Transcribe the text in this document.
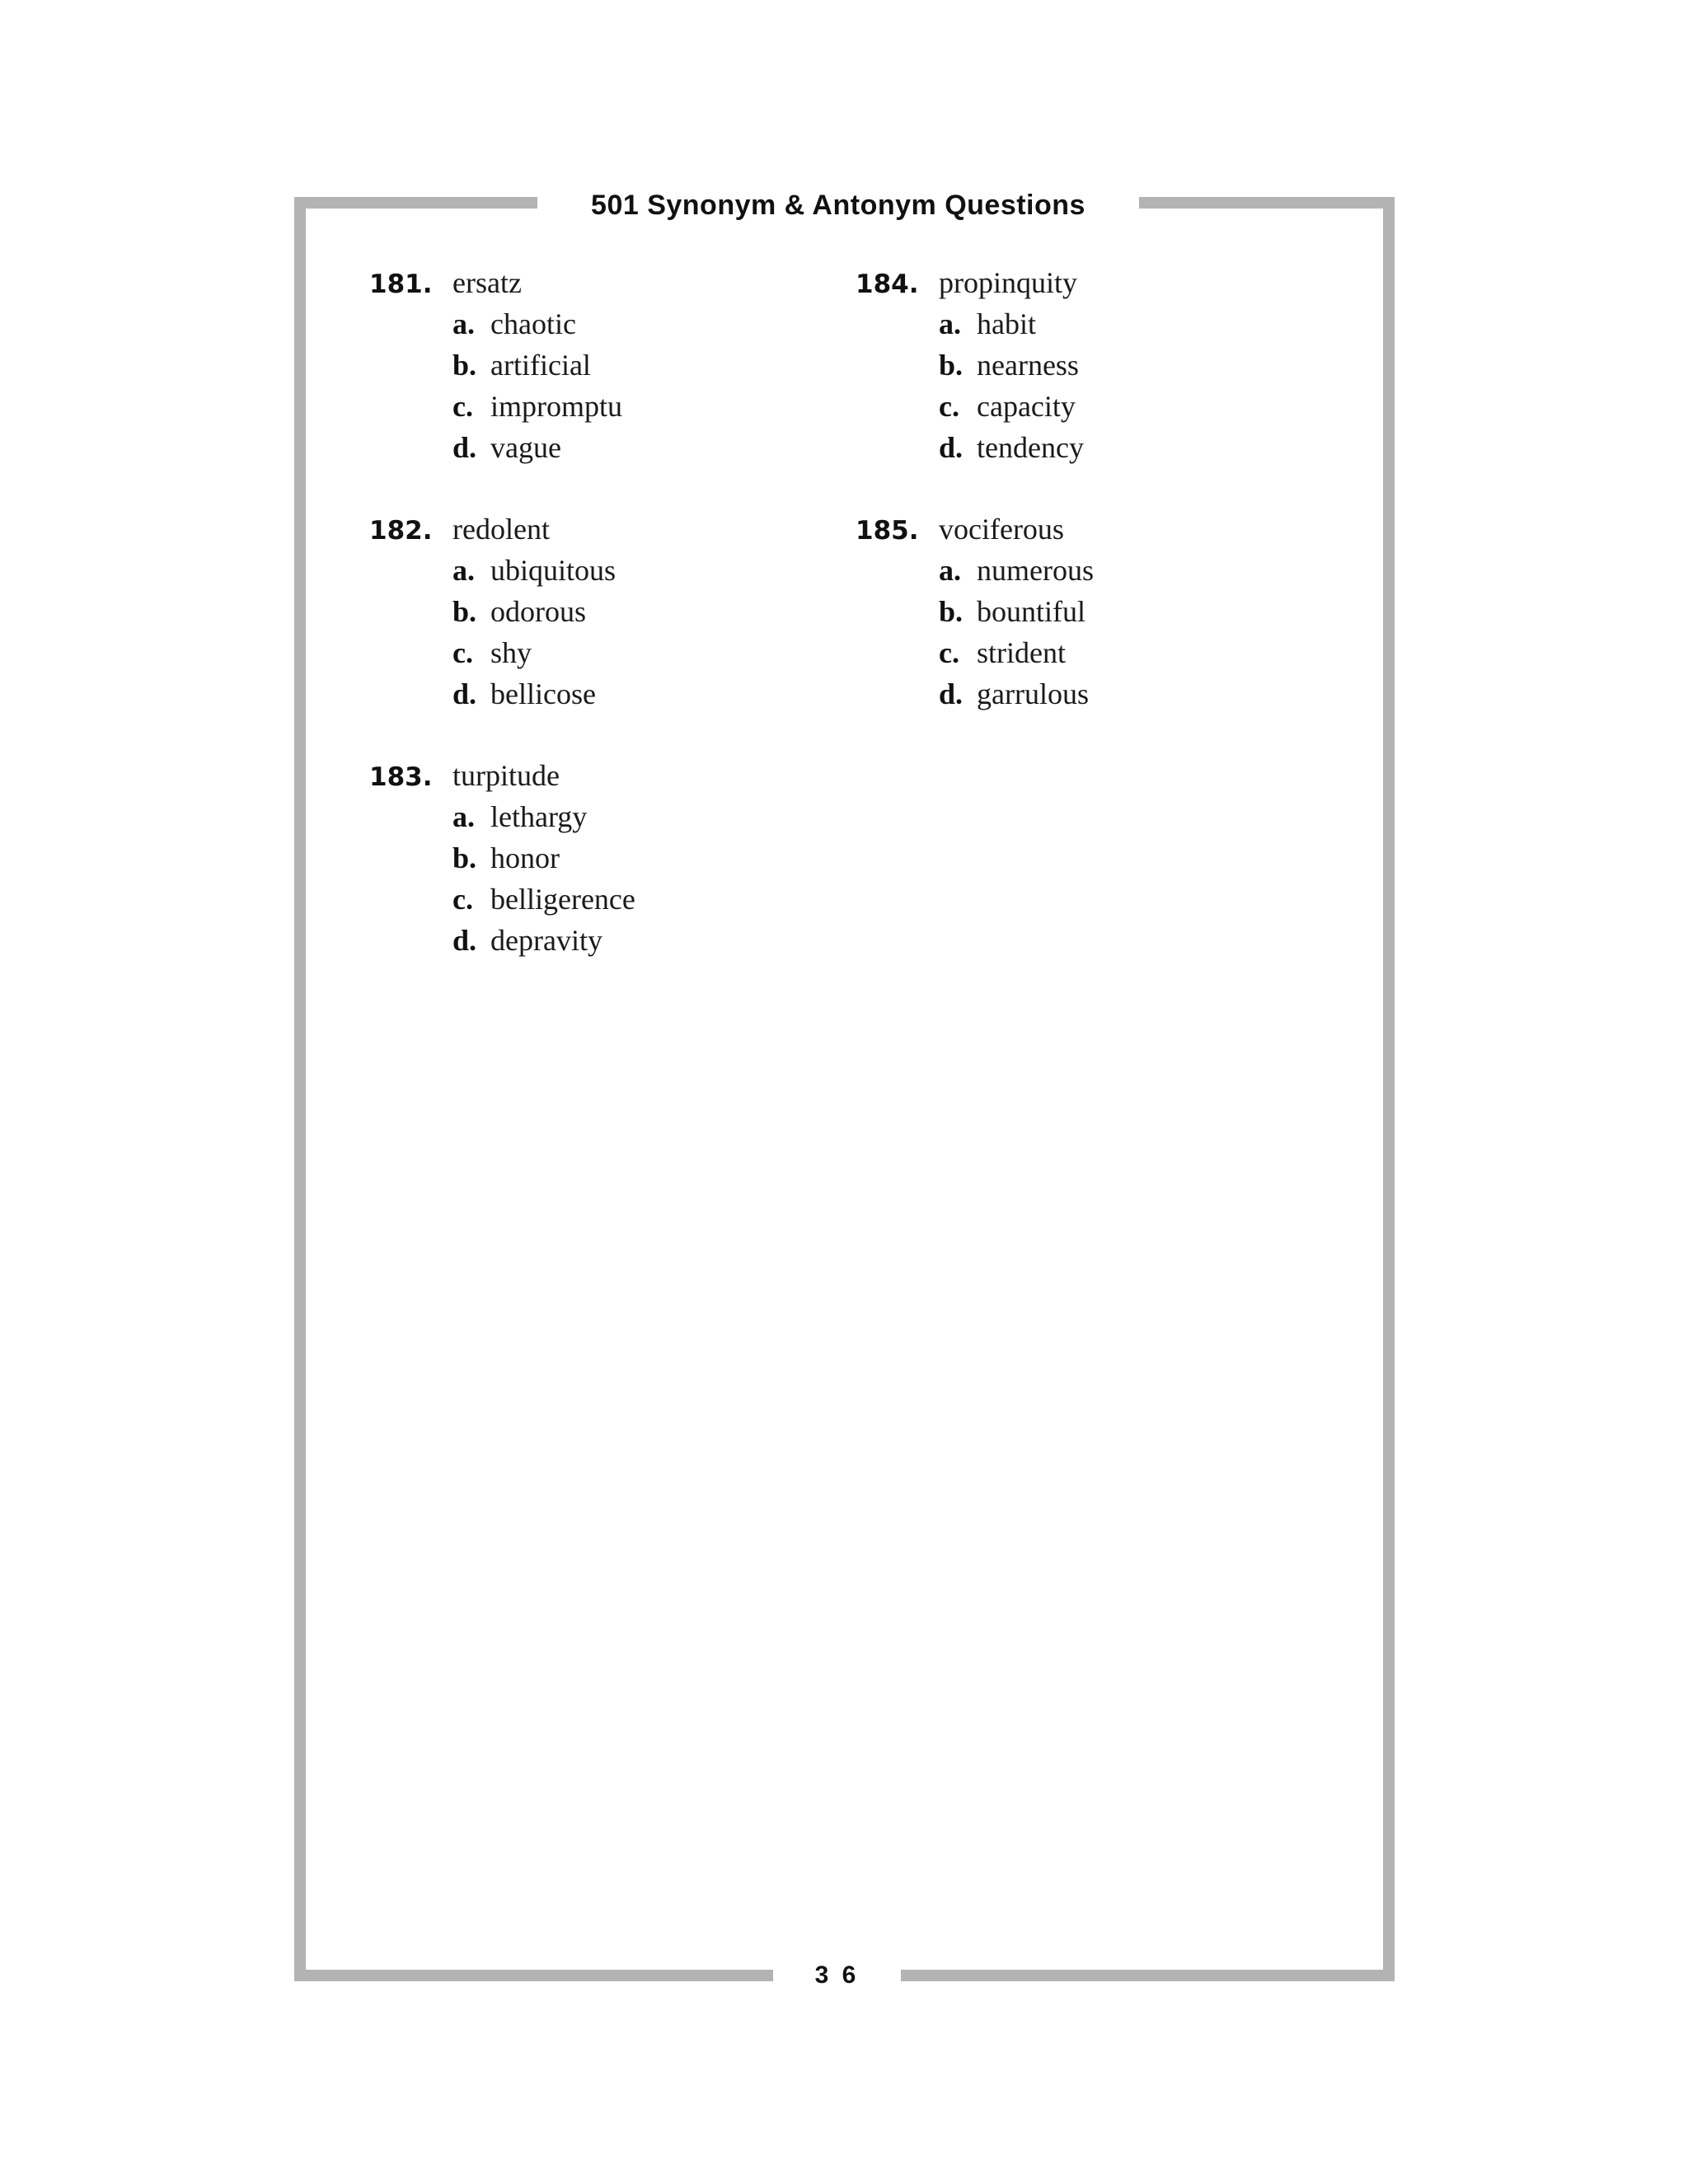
501 Synonym & Antonym Questions
3 6
181. ersatz
a. chaotic
b. artificial
c. impromptu
d. vague
182. redolent
a. ubiquitous
b. odorous
c. shy
d. bellicose
183. turpitude
a. lethargy
b. honor
c. belligerence
d. depravity
184. propinquity
a. habit
b. nearness
c. capacity
d. tendency
185. vociferous
a. numerous
b. bountiful
c. strident
d. garrulous
